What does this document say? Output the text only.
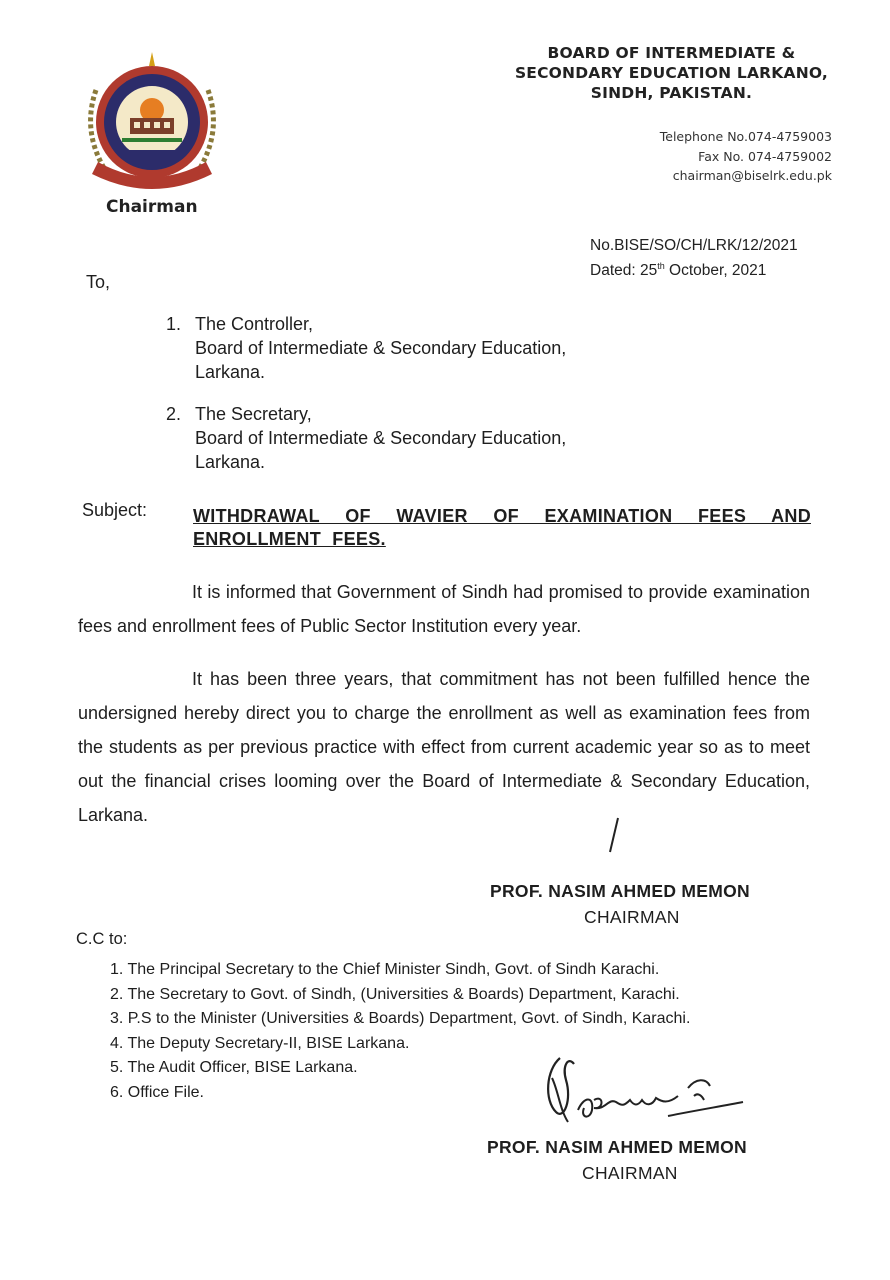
Chairman
BOARD OF INTERMEDIATE &
SECONDARY EDUCATION LARKANO,
SINDH, PAKISTAN.
Telephone No.074-4759003
Fax No. 074-4759002
chairman@biselrk.edu.pk
No.BISE/SO/CH/LRK/12/2021
Dated: 25th October, 2021
To,
1. The Controller,
Board of Intermediate & Secondary Education,
Larkana.
2. The Secretary,
Board of Intermediate & Secondary Education,
Larkana.
Subject:	WITHDRAWAL OF WAVIER OF EXAMINATION FEES AND ENROLLMENT FEES.
It is informed that Government of Sindh had promised to provide examination fees and enrollment fees of Public Sector Institution every year.
It has been three years, that commitment has not been fulfilled hence the undersigned hereby direct you to charge the enrollment as well as examination fees from the students as per previous practice with effect from current academic year so as to meet out the financial crises looming over the Board of Intermediate & Secondary Education, Larkana.
PROF. NASIM AHMED MEMON
CHAIRMAN
C.C to:
1. The Principal Secretary to the Chief Minister Sindh, Govt. of Sindh Karachi.
2. The Secretary to Govt. of Sindh, (Universities & Boards) Department, Karachi.
3. P.S to the Minister (Universities & Boards) Department, Govt. of Sindh, Karachi.
4. The Deputy Secretary-II, BISE Larkana.
5. The Audit Officer, BISE Larkana.
6. Office File.
PROF. NASIM AHMED MEMON
CHAIRMAN
